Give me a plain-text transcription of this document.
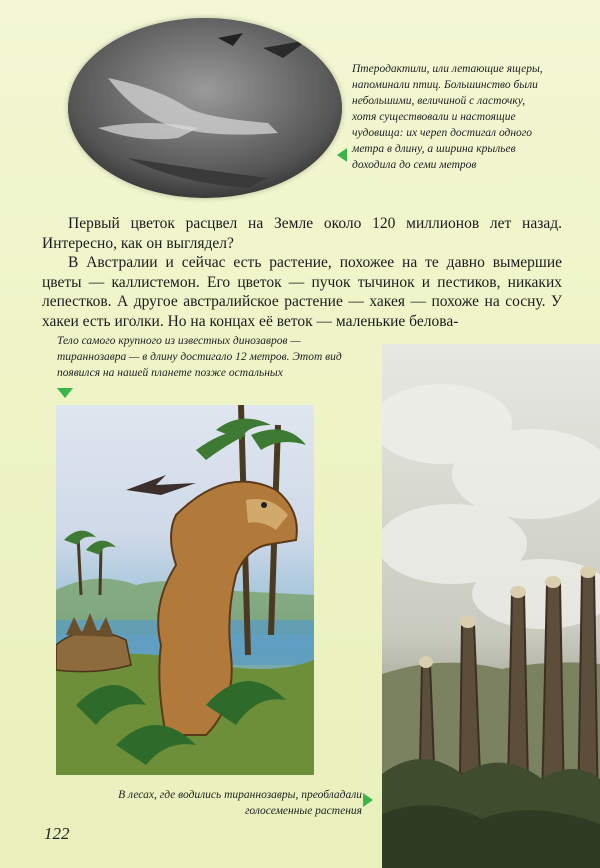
Птеродактили, или летающие ящеры, напоминали птиц. Большинство были небольшими, величиной с ласточку, хотя существовали и настоящие чудовища: их череп достигал одного метра в длину, а ширина крыльев доходила до семи метров

Первый цветок расцвел на Земле около 120 миллионов лет назад. Интересно, как он выглядел?

В Австралии и сейчас есть растение, похожее на те давно вымершие цветы — каллистемон. Его цветок — пучок тычинок и пестиков, никаких лепестков. А другое австралийское растение — хакея — похоже на сосну. У хакеи есть иголки. Но на концах её веток — маленькие белова-

Тело самого крупного из известных динозавров — тираннозавра — в длину достигало 12 метров. Этот вид появился на нашей планете позже остальных
В лесах, где водились тираннозавры, преобладали голосеменные растения
122
